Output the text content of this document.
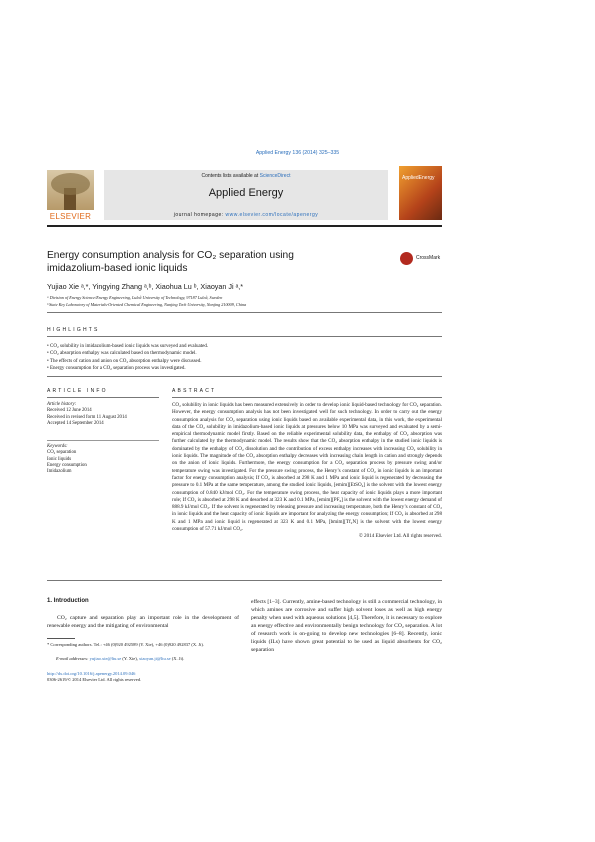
Applied Energy 136 (2014) 325–335
ELSEVIER
Contents lists available at ScienceDirect
Applied Energy
journal homepage: www.elsevier.com/locate/apenergy
AppliedEnergy
Energy consumption analysis for CO₂ separation using
imidazolium-based ionic liquids
CrossMark
Yujiao Xie ᵃ,*, Yingying Zhang ᵃ,ᵇ, Xiaohua Lu ᵇ, Xiaoyan Ji ᵃ,*
ᵃ Division of Energy Science/Energy Engineering, Luleå University of Technology, 97187 Luleå, Sweden
ᵇ State Key Laboratory of Materials-Oriented Chemical Engineering, Nanjing Tech University, Nanjing 210009, China
HIGHLIGHTS
• CO₂ solubility in imidazolium-based ionic liquids was surveyed and evaluated.
• CO₂ absorption enthalpy was calculated based on thermodynamic model.
• The effects of cation and anion on CO₂ absorption enthalpy were discussed.
• Energy consumption for a CO₂ separation process was investigated.
ARTICLE INFO
Article history:
Received 12 June 2014
Received in revised form 11 August 2014
Accepted 14 September 2014
Keywords:
CO₂ separation
Ionic liquids
Energy consumption
Imidazolium
ABSTRACT
CO₂ solubility in ionic liquids has been measured extensively in order to develop ionic liquid-based technology for CO₂ separation. However, the energy consumption analysis has not been investigated well for such technology. In order to carry out the energy consumption analysis for CO₂ separation using ionic liquids based on available experimental data, in this work, the experimental data of the CO₂ solubility in imidazolium-based ionic liquids at pressures below 10 MPa was surveyed and evaluated by a semi-empirical thermodynamic model firstly. Based on the reliable experimental solubility data, the enthalpy of CO₂ absorption was further calculated by the thermodynamic model. The results show that the CO₂ absorption enthalpy in the studied ionic liquids is dominated by the enthalpy of CO₂ dissolution and the contribution of excess enthalpy increases with increasing CO₂ solubility in ionic liquids. The magnitude of the CO₂ absorption enthalpy decreases with increasing chain length in cation and strongly depends on the anion of ionic liquids. Furthermore, the energy consumption for a CO₂ separation process by pressure swing and/or temperature swing was investigated. For the pressure swing process, the Henry’s constant of CO₂ in ionic liquids is an important factor for energy consumption analysis; If CO₂ is absorbed at 298 K and 1 MPa and ionic liquid is regenerated by decreasing the pressure to 0.1 MPa at the same temperature, among the studied ionic liquids, [emim][EtSO₄] is the solvent with the lowest energy consumption of 0.840 kJ/mol CO₂. For the temperature swing process, the heat capacity of ionic liquids plays a more important role; If CO₂ is absorbed at 298 K and desorbed at 323 K and 0.1 MPa, [emim][PF₆] is the solvent with the lowest energy demand of 888.9 kJ/mol CO₂. If the solvent is regenerated by releasing pressure and increasing temperature, both the Henry’s constant of CO₂ in ionic liquids and the heat capacity of ionic liquids are important for analyzing the energy consumption; If CO₂ is absorbed at 298 K and 1 MPa and ionic liquid is regenerated at 323 K and 0.1 MPa, [bmim][Tf₂N] is the solvent with the lowest energy consumption of 57.71 kJ/mol CO₂.
© 2014 Elsevier Ltd. All rights reserved.
1. Introduction
CO₂ capture and separation play an important role in the development of renewable energy and the mitigating of environmental
effects [1–3]. Currently, amine-based technology is still a commercial technology, in which amines are corrosive and suffer high solvent loses as well as high energy penalty when used with aqueous solutions [4,5]. Therefore, it is necessary to explore an energy effective and environmentally benign technology for CO₂ separation. A lot of research work is on-going to develop new technologies [6–8]. Recently, ionic liquids (ILs) have shown great potential to be used as liquid absorbents for CO₂ separation
* Corresponding authors. Tel.: +46 (0)920 492589 (Y. Xie), +46 (0)920 492837 (X. Ji).
E-mail addresses: yujiao.xie@ltu.se (Y. Xie), xiaoyan.ji@ltu.se (X. Ji).
http://dx.doi.org/10.1016/j.apenergy.2014.09.046
0306-2619/© 2014 Elsevier Ltd. All rights reserved.
